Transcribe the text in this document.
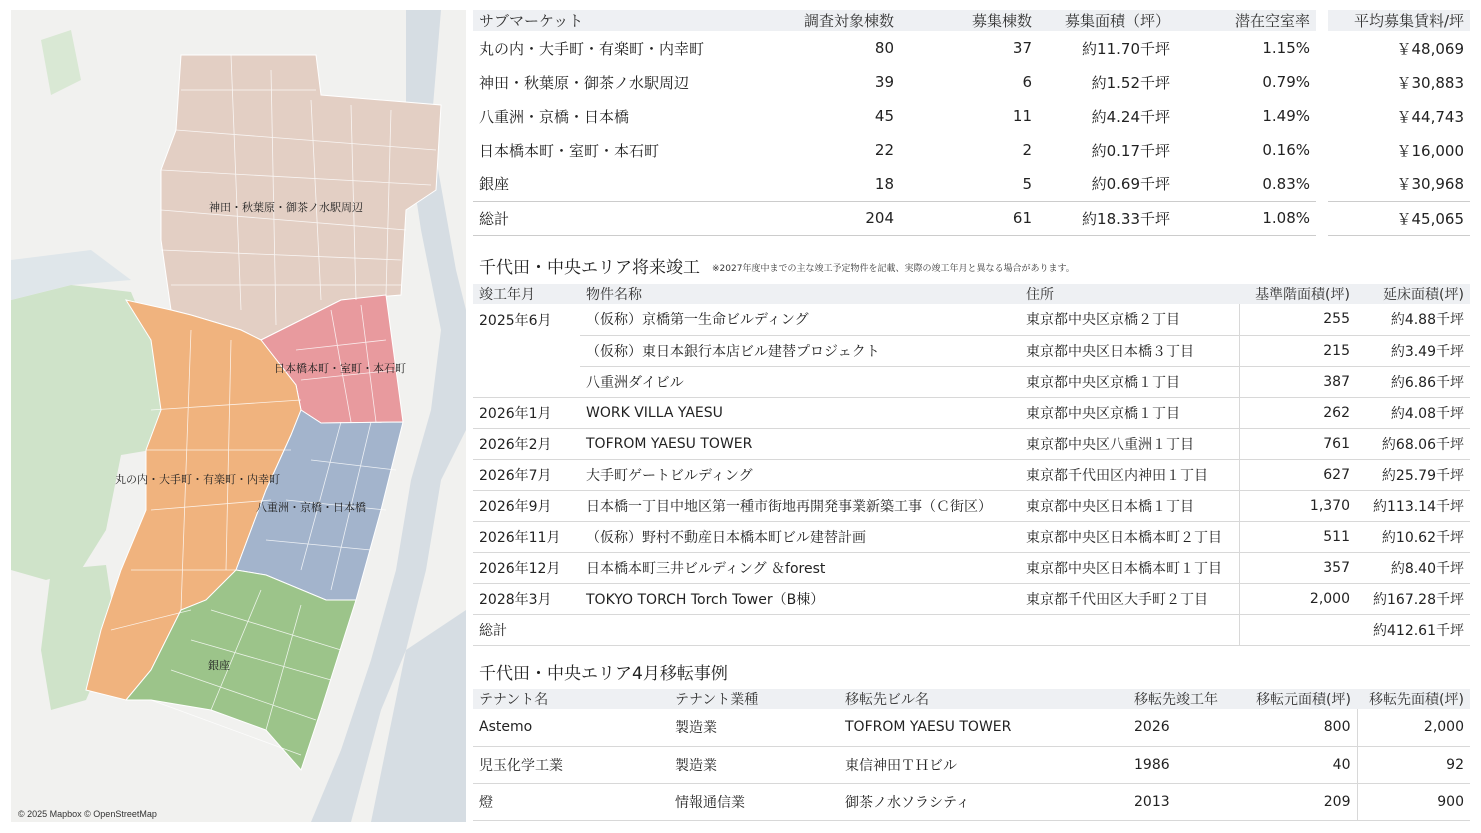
神田・秋葉原・御茶ノ水駅周辺
日本橋本町・室町・本石町
丸の内・大手町・有楽町・内幸町
八重洲・京橋・日本橋
銀座
© 2025 Mapbox © OpenStreetMap
サブマーケット	調査対象棟数	募集棟数	募集面積（坪）	潜在空室率		平均募集賃料/坪
丸の内・大手町・有楽町・内幸町	80	37	約11.70千坪	1.15%		￥48,069
神田・秋葉原・御茶ノ水駅周辺	39	6	約1.52千坪	0.79%		￥30,883
八重洲・京橋・日本橋	45	11	約4.24千坪	1.49%		￥44,743
日本橋本町・室町・本石町	22	2	約0.17千坪	0.16%		￥16,000
銀座	18	5	約0.69千坪	0.83%		￥30,968
総計	204	61	約18.33千坪	1.08%		￥45,065
千代田・中央エリア将来竣工 ※2027年度中までの主な竣工予定物件を記載、実際の竣工年月と異なる場合があります。
竣工年月	物件名称	住所	基準階面積(坪)	延床面積(坪)
2025年6月	（仮称）京橋第一生命ビルディング	東京都中央区京橋２丁目	255	約4.88千坪
	（仮称）東日本銀行本店ビル建替プロジェクト	東京都中央区日本橋３丁目	215	約3.49千坪
	八重洲ダイビル	東京都中央区京橋１丁目	387	約6.86千坪
2026年1月	WORK VILLA YAESU	東京都中央区京橋１丁目	262	約4.08千坪
2026年2月	TOFROM YAESU TOWER	東京都中央区八重洲１丁目	761	約68.06千坪
2026年7月	大手町ゲートビルディング	東京都千代田区内神田１丁目	627	約25.79千坪
2026年9月	日本橋一丁目中地区第一種市街地再開発事業新築工事（Ｃ街区）	東京都中央区日本橋１丁目	1,370	約113.14千坪
2026年11月	（仮称）野村不動産日本橋本町ビル建替計画	東京都中央区日本橋本町２丁目	511	約10.62千坪
2026年12月	日本橋本町三井ビルディング ＆forest	東京都中央区日本橋本町１丁目	357	約8.40千坪
2028年3月	TOKYO TORCH Torch Tower（B棟）	東京都千代田区大手町２丁目	2,000	約167.28千坪
総計				約412.61千坪
千代田・中央エリア4月移転事例
テナント名	テナント業種	移転先ビル名	移転先竣工年	移転元面積(坪)	移転先面積(坪)
Astemo	製造業	TOFROM YAESU TOWER	2026	800	2,000
児玉化学工業	製造業	東信神田ＴＨビル	1986	40	92
燈	情報通信業	御茶ノ水ソラシティ	2013	209	900
